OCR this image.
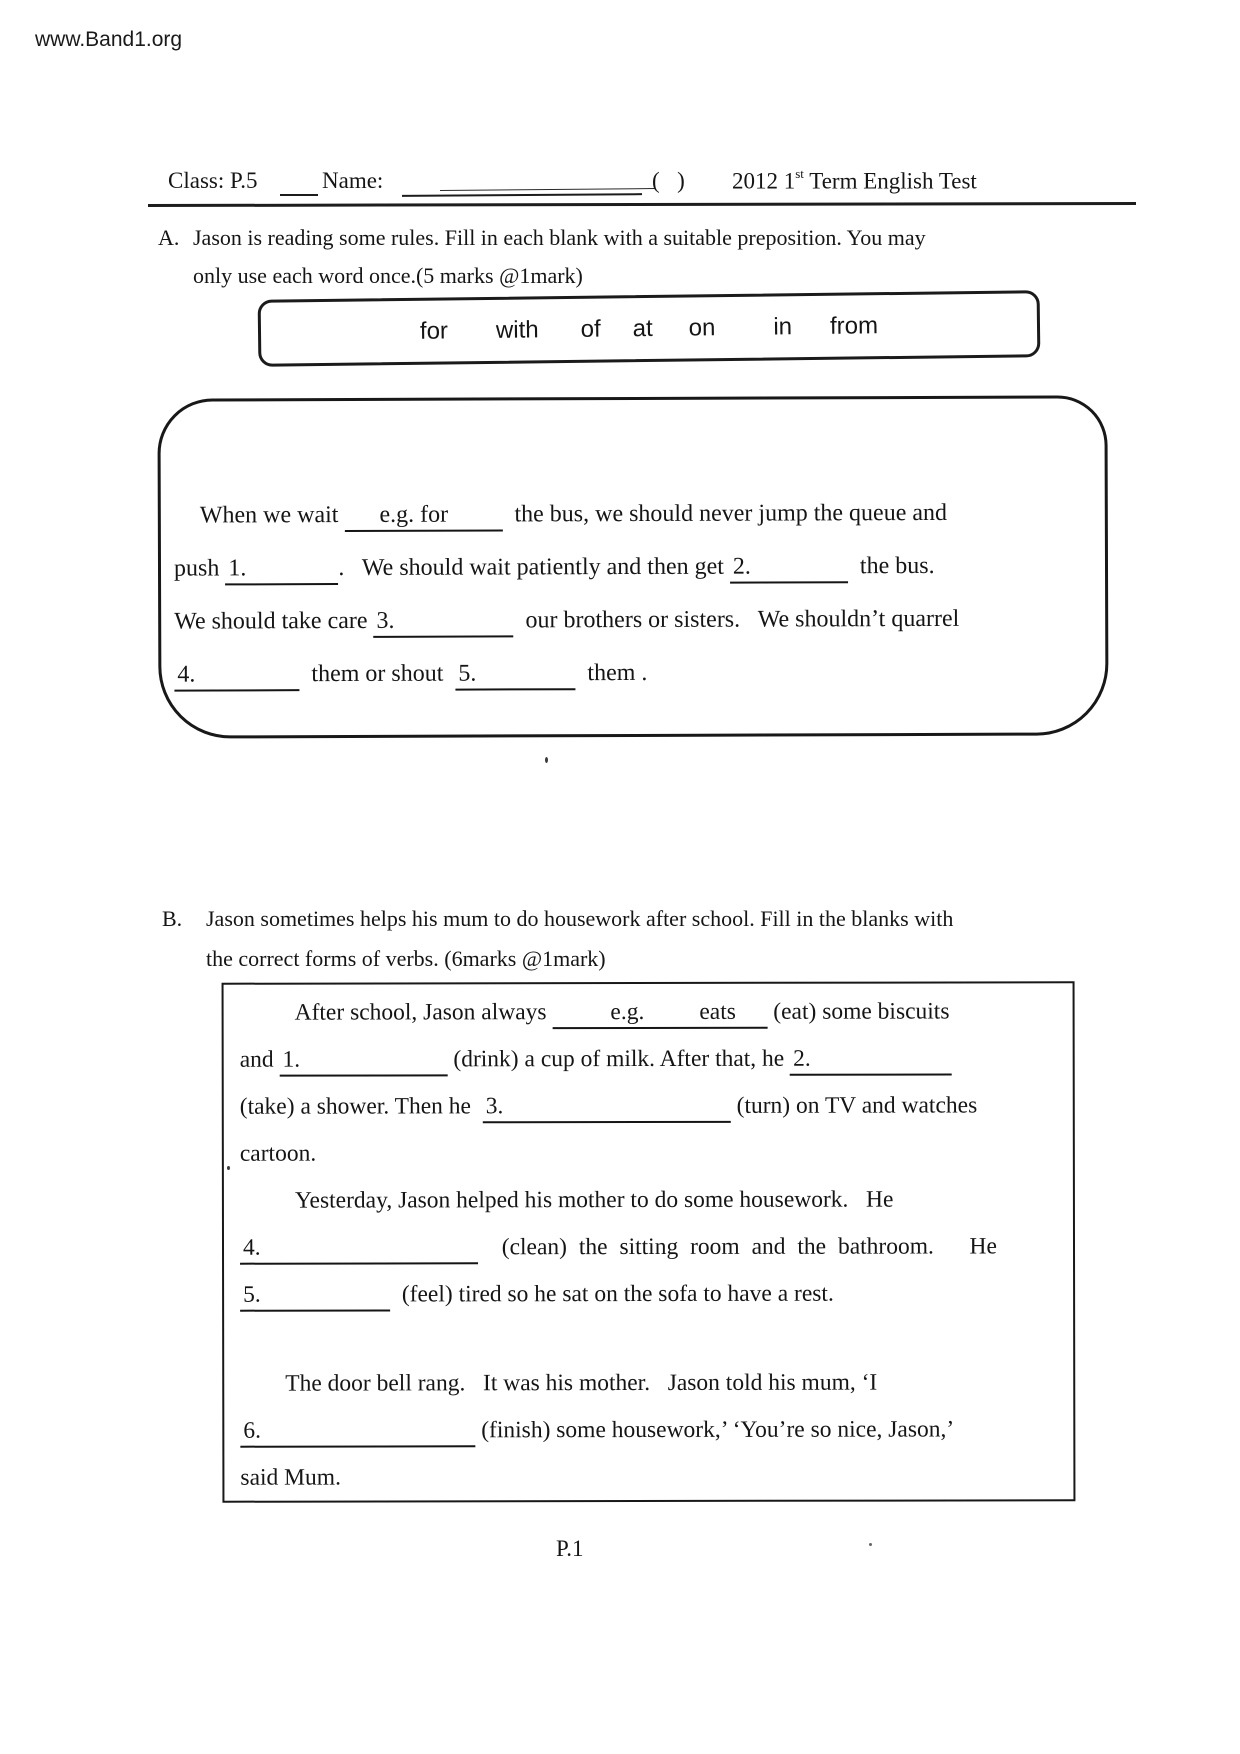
www.Band1.org
Class: P.5	Name:	(  ) 2012 1st Term English Test
A. Jason is reading some rules. Fill in each blank with a suitable preposition. You may
only use each word once.(5 marks @1mark)
for with of at on in from
When we wait	e.g. for the bus, we should never jump the queue and
push 1.	.   We should wait patiently and then get 2.	the bus.
We should take care 3.	our brothers or sisters.   We shouldn’t quarrel
4.	them or shout 5.	them .
B.	Jason sometimes helps his mum to do housework after school. Fill in the blanks with
the correct forms of verbs. (6marks @1mark)
After school, Jason always	e.g.	eats (eat) some biscuits
and 1.	(drink) a cup of milk. After that, he 2.
(take) a shower. Then he 3.	(turn) on TV and watches
cartoon.
Yesterday, Jason helped his mother to do some housework.   He
4.	(clean) the sitting room and the bathroom.   He
5.	(feel) tired so he sat on the sofa to have a rest.
The door bell rang.   It was his mother.   Jason told his mum, ‘I
6.	(finish) some housework,’ ‘You’re so nice, Jason,’
said Mum.
P.1
